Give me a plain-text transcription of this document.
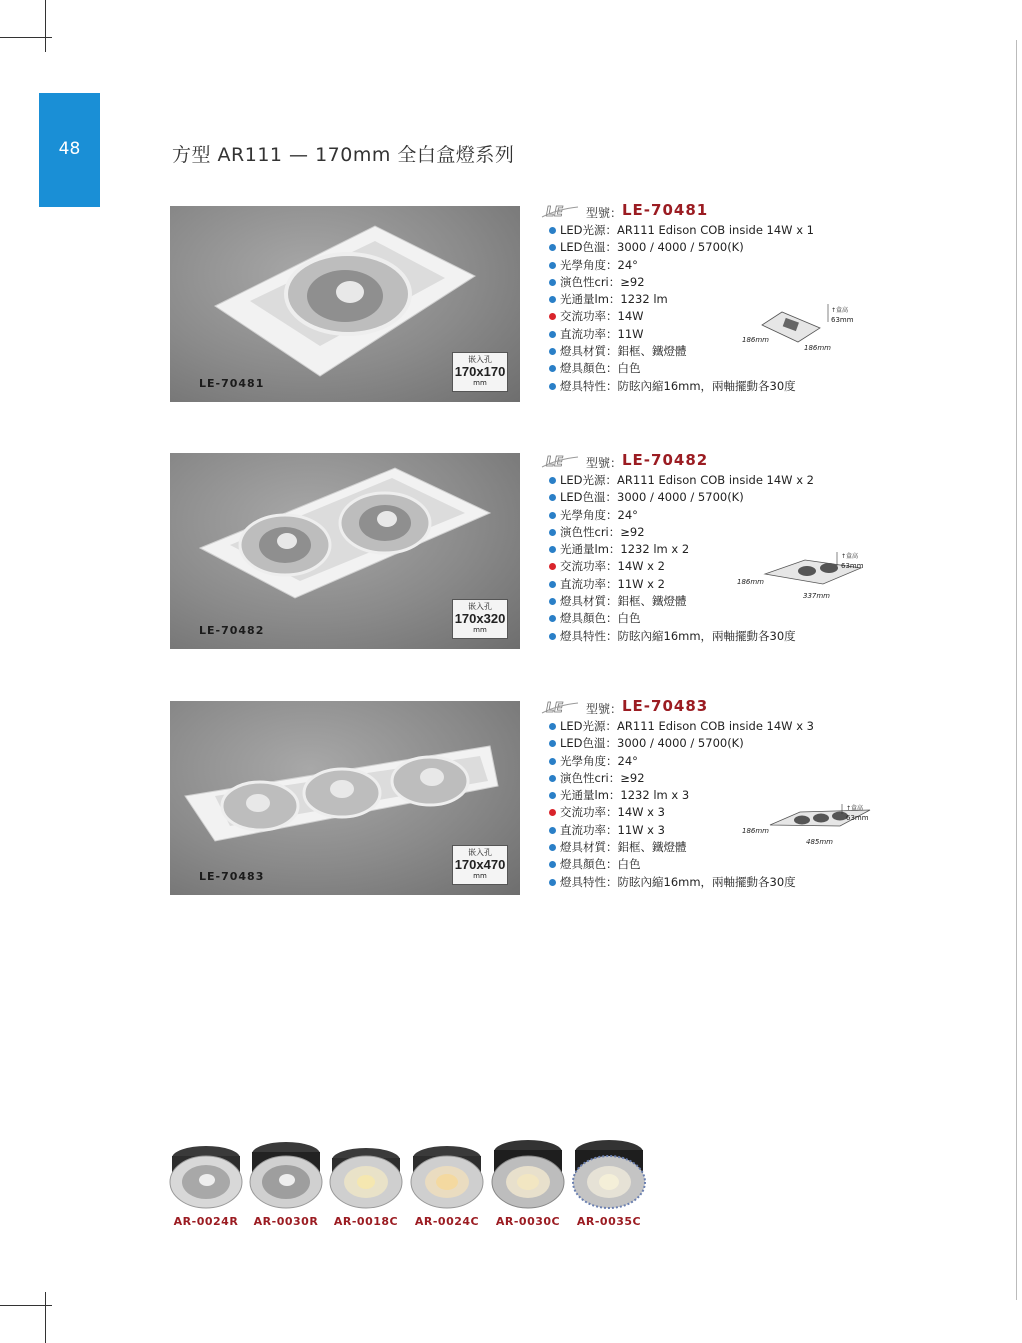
48	方型 AR111 — 170mm 全白盒燈系列
LE-70481
嵌入孔
170x170
mm
LE 型號： LE-70481
LED光源：AR111 Edison COB inside 14W x 1
LED色溫：3000 / 4000 / 5700(K)
光學角度：24°
演色性cri：≥92
光通量lm：1232 lm
交流功率：14W
直流功率：11W
燈具材質：鋁框、鐵燈體
燈具顏色：白色
燈具特性：防眩內縮16mm，兩軸擺動各30度
↑盒高
63mm
186mm
186mm
LE-70482
嵌入孔
170x320
mm
LE 型號： LE-70482
LED光源：AR111 Edison COB inside 14W x 2
LED色溫：3000 / 4000 / 5700(K)
光學角度：24°
演色性cri：≥92
光通量lm：1232 lm x 2
交流功率：14W x 2
直流功率：11W x 2
燈具材質：鋁框、鐵燈體
燈具顏色：白色
燈具特性：防眩內縮16mm，兩軸擺動各30度
↑盒高
63mm
186mm
337mm
LE-70483
嵌入孔
170x470
mm
LE 型號： LE-70483
LED光源：AR111 Edison COB inside 14W x 3
LED色溫：3000 / 4000 / 5700(K)
光學角度：24°
演色性cri：≥92
光通量lm：1232 lm x 3
交流功率：14W x 3
直流功率：11W x 3
燈具材質：鋁框、鐵燈體
燈具顏色：白色
燈具特性：防眩內縮16mm，兩軸擺動各30度
↑盒高
63mm
186mm
485mm
AR-0024R	AR-0030R	AR-0018C	AR-0024C	AR-0030C	AR-0035C
